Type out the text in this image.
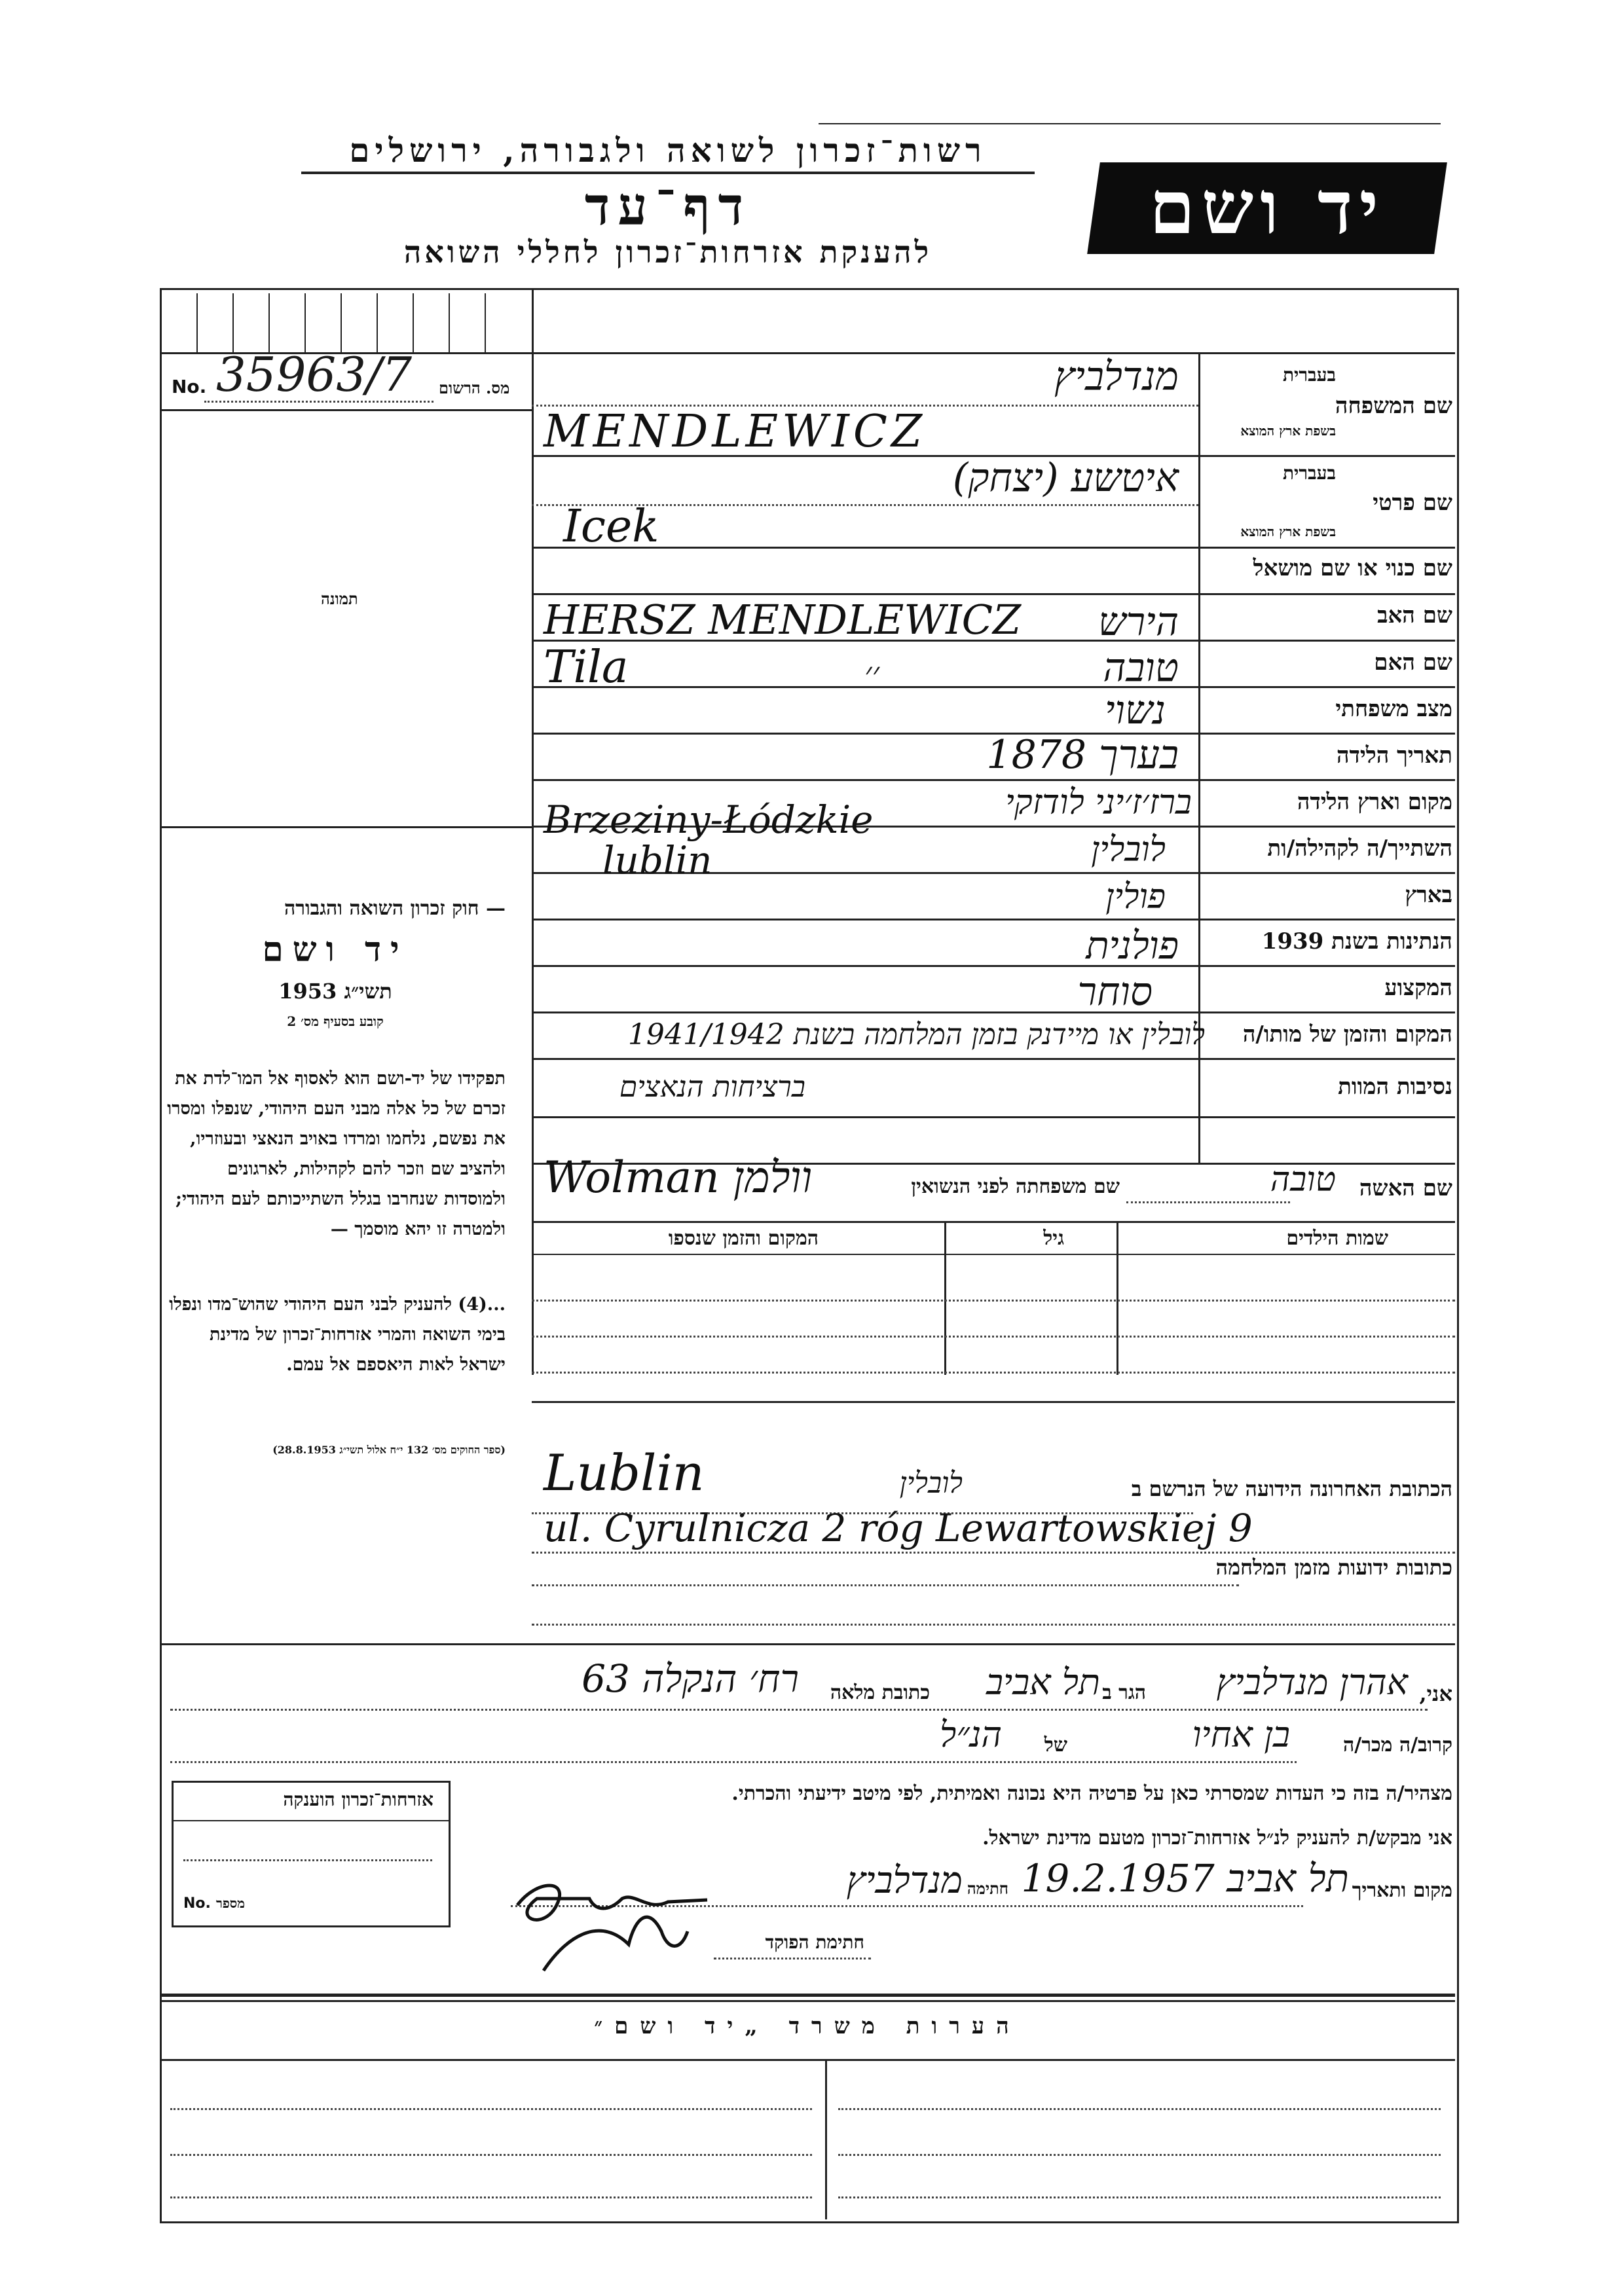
רשות־זכרון לשואה ולגבורה, ירושלים
דף־עד
להענקת אזרחות־זכרון לחללי השואה
יד ושם
No. 35963/7 מס. הרשום
תמונה
שם המשפחה
בעברית
בשפת ארץ המוצא
מנדלביץ
MENDLEWICZ
שם פרטי
בעברית
בשפת ארץ המוצא
איטשע (יצחק)
Icek
שם כנוי או שם מושאל
שם האב
הירש
HERSZ MENDLEWICZ
שם האם
טובה
Tila	׳׳
מצב משפחתי
נשוי
תאריך הלידה
בערך 1878
מקום וארץ הלידה
ברז׳ז׳יני לודזקי
Brzeziny-Łódzkie
השתייך/ה לקהילה/ות
לובלין
lublin
בארץ
פולין
הנתינות בשנת 1939
פולנית
המקצוע
סוחר
המקום והזמן של מותו/ה
לובלין או מיידנק בזמן המלחמה בשנת 1941/1942
נסיבות המוות
ברציחות הנאצים
שם האשה
טובה
שם משפחתה לפני הנשואין
Wolman וולמן
שמות הילדים
גיל
המקום והזמן שנספו
— חוק זכרון השואה והגבורה
יד ושם
תשי״ג 1953
קובע בסעיף מס׳ 2
תפקידו של יד-ושם הוא לאסוף אל המו־לדת את זכרם של כל אלה מבני העם היהודי, שנפלו ומסרו את נפשם, נלחמו ומרדו באויב הנאצי ובעוזריו, ולהציב שם וזכר להם לקהילות, לארגונים ולמוסדות שנחרבו בגלל השתייכותם לעם היהודי; ולמטרה זו יהא מוסמך —
...(4) להעניק לבני העם היהודי שהוש־מדו ונפלו בימי השואה והמרי אזרחות־זכרון של מדינת ישראל לאות היאספם אל עמם.
(ספר החוקים מס׳ 132 י״ח אלול תשי״ג 28.8.1953)
הכתובת האחרונה הידועה של הנרשם ב
לובלין
Lublin
ul. Cyrulnicza 2 róg Lewartowskiej 9
כתובות ידועות מזמן המלחמה
אני,
אהרן מנדלביץ
הגר ב
תל אביב
כתובת מלאה
רח׳ הנקלה 63
קרוב/ה מכר/ה
בן אחיו
של
הנ״ל
מצהיר/ה בזה כי העדות שמסרתי כאן על פרטיה היא נכונה ואמיתית, לפי מיטב ידיעתי והכרתי.
אני מבקש/ת להעניק לנ״ל אזרחות־זכרון מטעם מדינת ישראל.
מקום ותאריך
תל אביב 19.2.1957
חתימה
מנדלביץ
חתימת הפוקד
אזרחות־זכרון הוענקה
No. מספר
הערות משרד „יד ושם״
